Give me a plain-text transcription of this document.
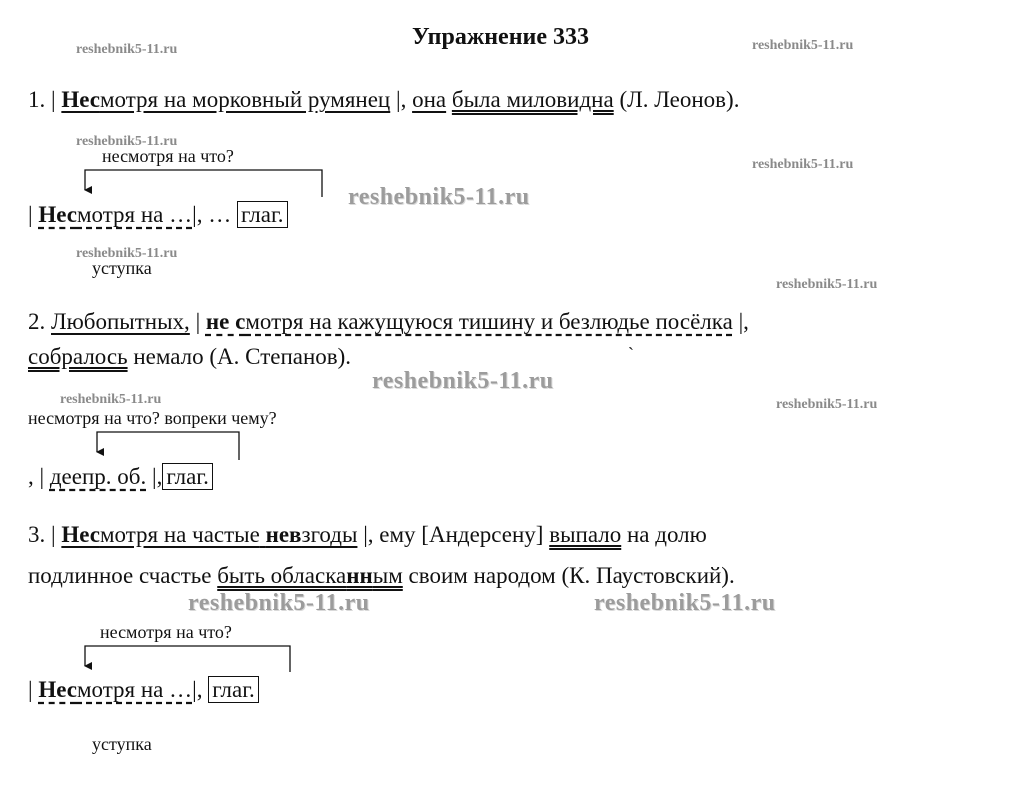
Упражнение 333
reshebnik5-11.ru	reshebnik5-11.ru
reshebnik5-11.ru
reshebnik5-11.ru
reshebnik5-11.ru
reshebnik5-11.ru
reshebnik5-11.ru	reshebnik5-11.ru
reshebnik5-11.ru
reshebnik5-11.ru
reshebnik5-11.ru	reshebnik5-11.ru
1. | Несмотря на морковный румянец |, она была миловидна (Л. Леонов).
несмотря на что?
| Несмотря на …|, … глаг.
уступка
2. Любопытных, | не смотря на кажущуюся тишину и безлюдье посёлка |,
собралось немало (А. Степанов).	`
несмотря на что? вопреки чему?
, | деепр. об. |, глаг.
3. | Несмотря на частые невзгоды |, ему [Андерсену] выпало на долю
подлинное счастье быть обласканным своим народом (К. Паустовский).
несмотря на что?
| Несмотря на …|, глаг.
уступка
